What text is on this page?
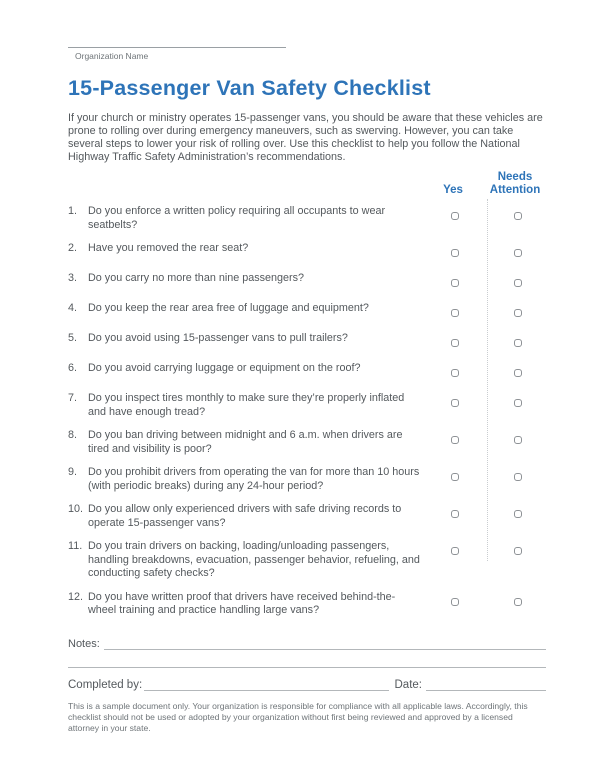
Organization Name
15-Passenger Van Safety Checklist
If your church or ministry operates 15-passenger vans, you should be aware that these vehicles are prone to rolling over during emergency maneuvers, such as swerving. However, you can take several steps to lower your risk of rolling over. Use this checklist to help you follow the National Highway Traffic Safety Administration’s recommendations.
Yes
Needs Attention
1.	Do you enforce a written policy requiring all occupants to wear seatbelts?
2.	Have you removed the rear seat?
3.	Do you carry no more than nine passengers?
4.	Do you keep the rear area free of luggage and equipment?
5.	Do you avoid using 15-passenger vans to pull trailers?
6.	Do you avoid carrying luggage or equipment on the roof?
7.	Do you inspect tires monthly to make sure they’re properly inflated and have enough tread?
8.	Do you ban driving between midnight and 6 a.m. when drivers are tired and visibility is poor?
9.	Do you prohibit drivers from operating the van for more than 10 hours (with periodic breaks) during any 24-hour period?
10. Do you allow only experienced drivers with safe driving records to operate 15-passenger vans?
11. Do you train drivers on backing, loading/unloading passengers, handling breakdowns, evacuation, passenger behavior, refueling, and conducting safety checks?
12. Do you have written proof that drivers have received behind-the-wheel training and practice handling large vans?
Notes:
Completed by:	Date:
This is a sample document only. Your organization is responsible for compliance with all applicable laws. Accordingly, this checklist should not be used or adopted by your organization without first being reviewed and approved by a licensed attorney in your state.
